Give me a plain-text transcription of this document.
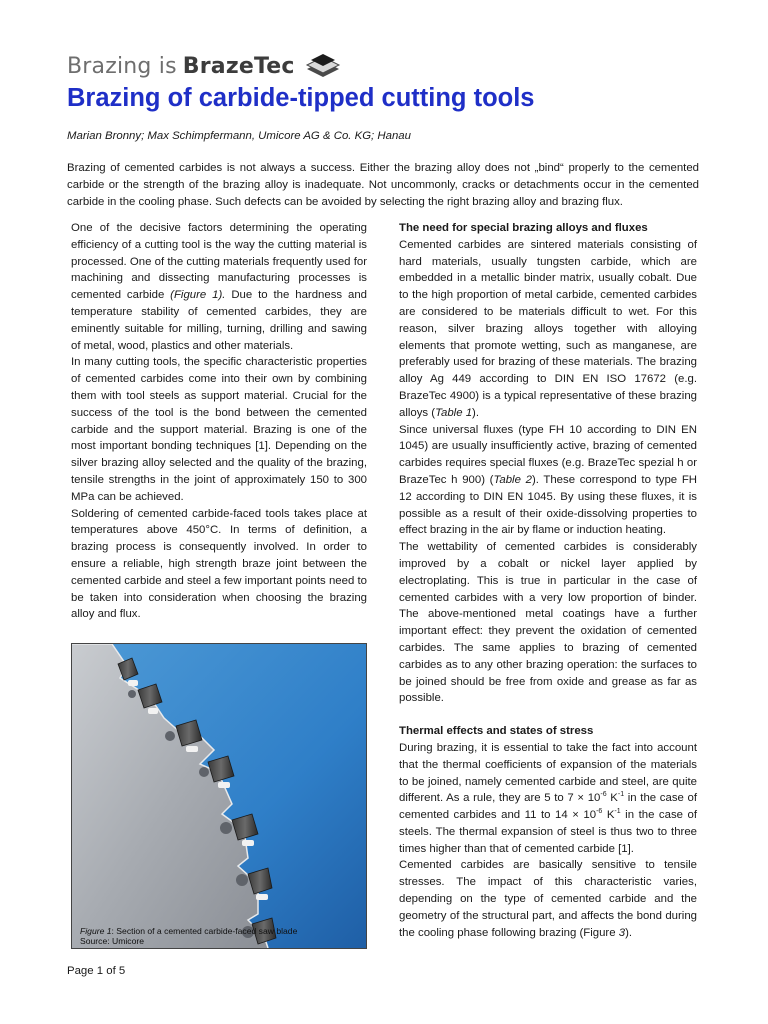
Brazing is BrazeTec
Brazing of carbide-tipped cutting tools
Marian Bronny; Max Schimpfermann, Umicore AG & Co. KG; Hanau

Brazing of cemented carbides is not always a success. Either the brazing alloy does not „bind“ properly to the cemented carbide or the strength of the brazing alloy is inadequate. Not uncommonly, cracks or detachments occur in the cemented carbide in the cooling phase. Such defects can be avoided by selecting the right brazing alloy and brazing flux.

One of the decisive factors determining the operating efficiency of a cutting tool is the way the cutting material is processed. One of the cutting materials frequently used for machining and dissecting manufacturing processes is cemented carbide (Figure 1). Due to the hardness and temperature stability of cemented carbides, they are eminently suitable for milling, turning, drilling and sawing of metal, wood, plastics and other materials.

In many cutting tools, the specific characteristic properties of cemented carbides come into their own by combining them with tool steels as support material. Crucial for the success of the tool is the bond between the cemented carbide and the support material. Brazing is one of the most important bonding techniques [1]. Depending on the silver brazing alloy selected and the quality of the brazing, tensile strengths in the joint of approximately 150 to 300 MPa can be achieved.

Soldering of cemented carbide-faced tools takes place at temperatures above 450°C. In terms of definition, a brazing process is consequently involved. In order to ensure a reliable, high strength braze joint between the cemented carbide and steel a few important points need to be taken into consideration when choosing the brazing alloy and flux.

Figure 1: Section of a cemented carbide-faced saw blade
Source: Umicore

The need for special brazing alloys and fluxes

Cemented carbides are sintered materials consisting of hard materials, usually tungsten carbide, which are embedded in a metallic binder matrix, usually cobalt. Due to the high proportion of metal carbide, cemented carbides are considered to be materials difficult to wet. For this reason, silver brazing alloys together with alloying elements that promote wetting, such as manganese, are preferably used for brazing of these materials. The brazing alloy Ag 449 according to DIN EN ISO 17672 (e.g. BrazeTec 4900) is a typical representative of these brazing alloys (Table 1).

Since universal fluxes (type FH 10 according to DIN EN 1045) are usually insufficiently active, brazing of cemented carbides requires special fluxes (e.g. BrazeTec spezial h or BrazeTec h 900) (Table 2). These correspond to type FH 12 according to DIN EN 1045. By using these fluxes, it is possible as a result of their oxide-dissolving properties to effect brazing in the air by flame or induction heating.

The wettability of cemented carbides is considerably improved by a cobalt or nickel layer applied by electroplating. This is true in particular in the case of cemented carbides with a very low proportion of binder. The above-mentioned metal coatings have a further important effect: they prevent the oxidation of cemented carbides. The same applies to brazing of cemented carbides as to any other brazing operation: the surfaces to be joined should be free from oxide and grease as far as possible.

Thermal effects and states of stress

During brazing, it is essential to take the fact into account that the thermal coefficients of expansion of the materials to be joined, namely cemented carbide and steel, are quite different. As a rule, they are 5 to $7 \times 10^{-6}$ $K^{-1}$ in the case of cemented carbides and 11 to $14 \times 10^{-6}$ $K^{-1}$ in the case of steels. The thermal expansion of steel is thus two to three times higher than that of cemented carbide [1].

Cemented carbides are basically sensitive to tensile stresses. The impact of this characteristic varies, depending on the type of cemented carbide and the geometry of the structural part, and affects the bond during the cooling phase following brazing (Figure 3).

Page 1 of 5
